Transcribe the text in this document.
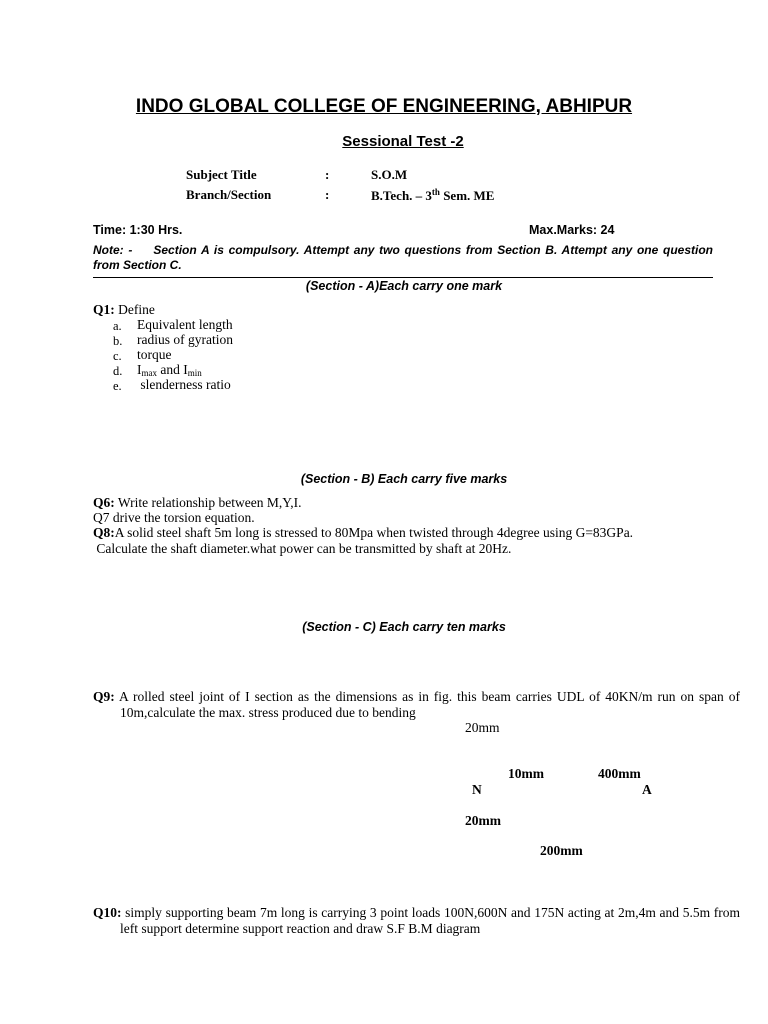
INDO GLOBAL COLLEGE OF ENGINEERING, ABHIPUR
Sessional Test -2
Subject Title	:	S.O.M
Branch/Section	:	B.Tech. – 3th Sem. ME
Time: 1:30 Hrs.	Max.Marks: 24
Note: - Section A is compulsory. Attempt any two questions from Section B. Attempt any one question from Section C.
(Section - A)Each carry one mark
Q1: Define
a. Equivalent length
b. radius of gyration
c. torque
d. $I_{max}$ and $I_{min}$
e. slenderness ratio
(Section - B) Each carry five marks
Q6: Write relationship between M,Y,I.
Q7 drive the torsion equation.
Q8:A solid steel shaft 5m long is stressed to 80Mpa when twisted through 4degree using G=83GPa.
Calculate the shaft diameter.what power can be transmitted by shaft at 20Hz.
(Section - C) Each carry ten marks
Q9: A rolled steel joint of I section as the dimensions as in fig. this beam carries UDL of 40KN/m run on span of 10m,calculate the max. stress produced due to bending
20mm
10mm	400mm
N	A
20mm
200mm
Q10: simply supporting beam 7m long is carrying 3 point loads 100N,600N and 175N acting at 2m,4m and 5.5m from left support determine support reaction and draw S.F B.M diagram
